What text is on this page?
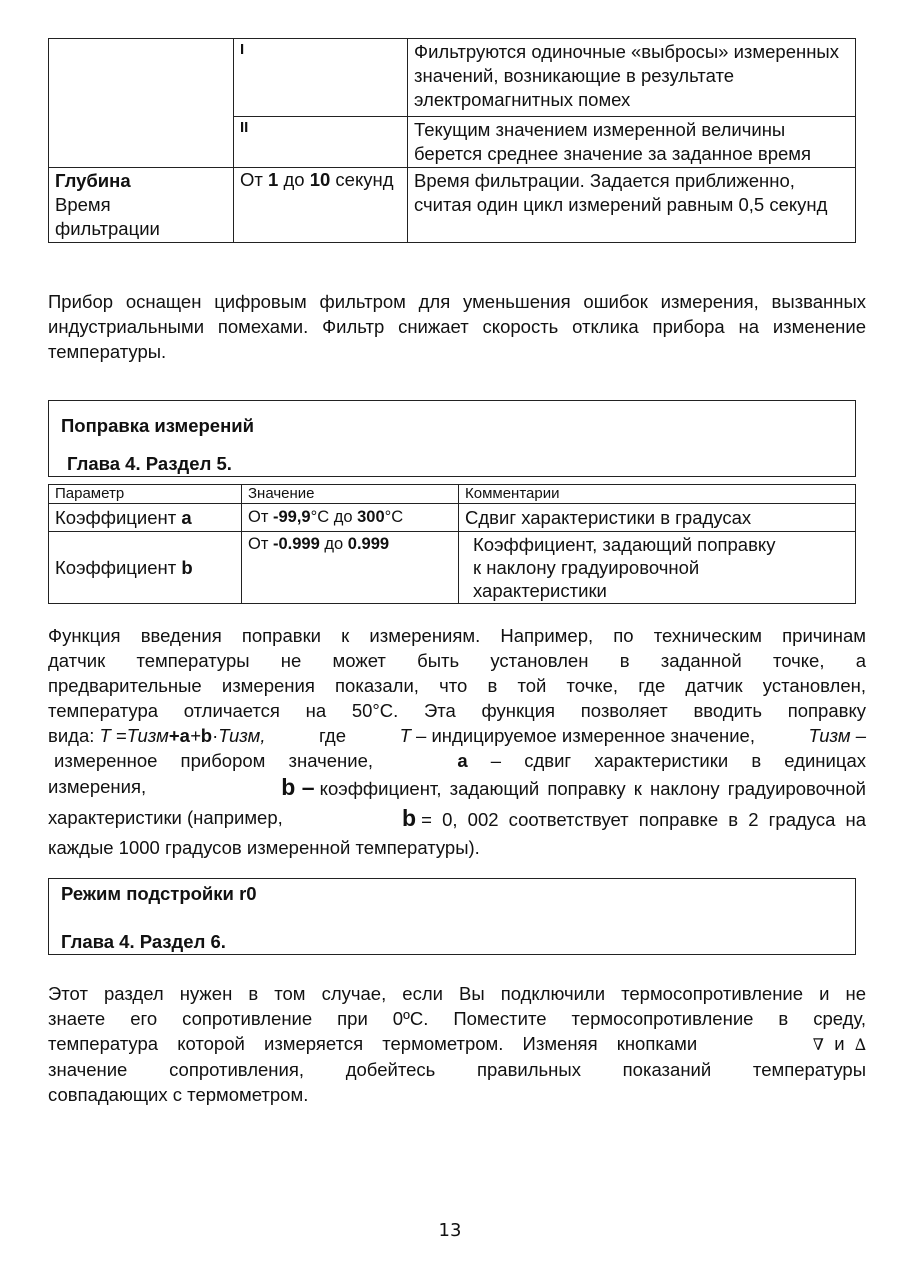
	I	Фильтруются одиночные «выбросы» измеренных значений, возникающие в результате электромагнитных помех
	II	Текущим значением измеренной величины берется среднее значение за заданное время
Глубина
Время
фильтрации	От 1 до 10 секунд	Время фильтрации. Задается приближенно, считая один цикл измерений равным 0,5 секунд
Прибор оснащен цифровым фильтром для уменьшения ошибок измерения, вызванных индустриальными помехами. Фильтр снижает скорость отклика прибора на изменение температуры.
Поправка измерений
Глава 4. Раздел 5.
Параметр	Значение	Комментарии
Коэффициент a	От -99,9°C до 300°C	Сдвиг характеристики в градусах
Коэффициент b	От -0.999 до 0.999	Коэффициент, задающий поправку
к наклону градуировочной
характеристики
Функция введения поправки к измерениям. Например, по техническим причинам
датчик температуры не может быть установлен в заданной точке, а
предварительные измерения показали, что в той точке, где датчик установлен,
температура отличается на 50°С. Эта функция позволяет вводить поправку
вида: T =Тизм+a+b·Тизм,	где	Т – индицируемое измеренное значение,	Тизм –
измеренное прибором значение,	a – сдвиг характеристики в единицах
измерения,	b – коэффициент, задающий поправку к наклону градуировочной
характеристики (например,	b = 0, 002 соответствует поправке в 2 градуса на
каждые 1000 градусов измеренной температуры).
Режим подстройки r0
Глава 4. Раздел 6.
Этот раздел нужен в том случае, если Вы подключили термосопротивление и не
знаете его сопротивление при 0ºС. Поместите термосопротивление в среду,
температура которой измеряется термометром. Изменяя кнопками	∇ и ∆
значение сопротивления, добейтесь правильных показаний температуры
совпадающих с термометром.
13
